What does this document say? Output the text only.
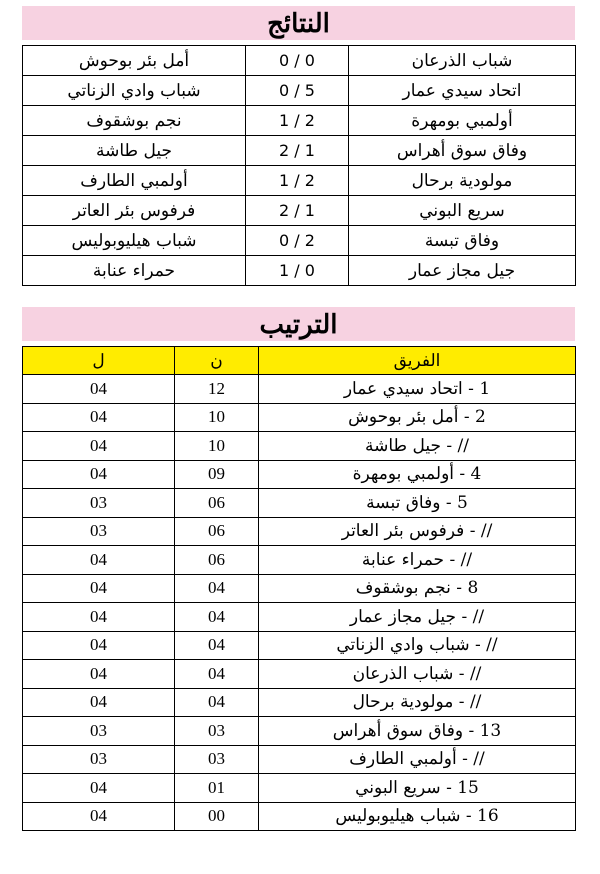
النتائج
أمل بئر بوحوش	0 / 0	شباب الذرعان
شباب وادي الزناتي	0 / 5	اتحاد سيدي عمار
نجم بوشقوف	1 / 2	أولمبي بومهرة
جيل طاشة	2 / 1	وفاق سوق أهراس
أولمبي الطارف	1 / 2	مولودية برحال
فرفوس بئر العاتر	2 / 1	سريع البوني
شباب هيليوبوليس	0 / 2	وفاق تبسة
حمراء عنابة	1 / 0	جيل مجاز عمار
الترتيب
ل	ن	الفريق
04	12	1 - اتحاد سيدي عمار
04	10	2 - أمل بئر بوحوش
04	10	// - جيل طاشة
04	09	4 - أولمبي بومهرة
03	06	5 - وفاق تبسة
03	06	// - فرفوس بئر العاتر
04	06	// - حمراء عنابة
04	04	8 - نجم بوشقوف
04	04	// - جيل مجاز عمار
04	04	// - شباب وادي الزناتي
04	04	// - شباب الذرعان
04	04	// - مولودية برحال
03	03	13 - وفاق سوق أهراس
03	03	// - أولمبي الطارف
04	01	15 - سريع البوني
04	00	16 - شباب هيليوبوليس
